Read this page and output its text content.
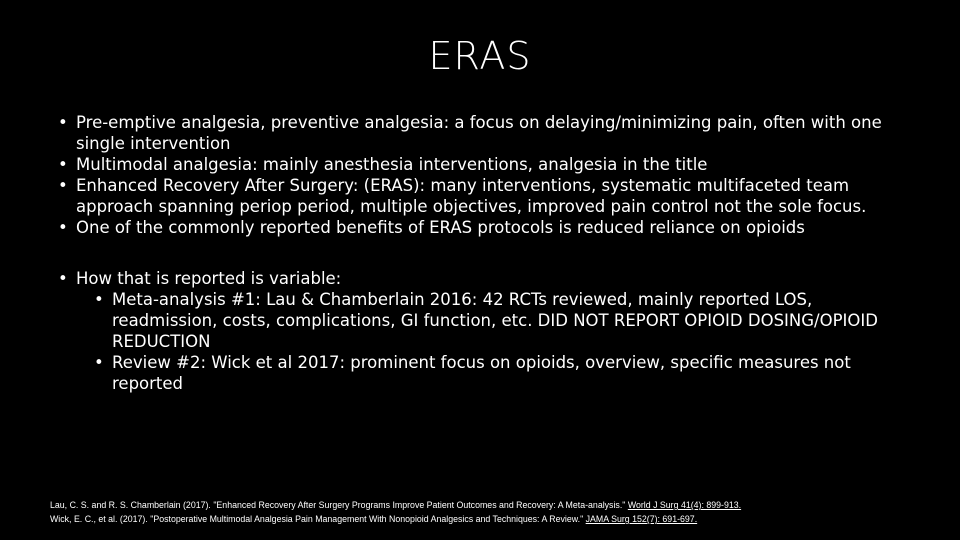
ERAS
• Pre-emptive analgesia, preventive analgesia: a focus on delaying/minimizing pain, often with one single intervention
• Multimodal analgesia: mainly anesthesia interventions, analgesia in the title
• Enhanced Recovery After Surgery: (ERAS): many interventions, systematic multifaceted team approach spanning periop period, multiple objectives, improved pain control not the sole focus.
• One of the commonly reported benefits of ERAS protocols is reduced reliance on opioids
• How that is reported is variable:
• Meta-analysis #1: Lau & Chamberlain 2016: 42 RCTs reviewed, mainly reported LOS, readmission, costs, complications, GI function, etc. DID NOT REPORT OPIOID DOSING/OPIOID REDUCTION
• Review #2: Wick et al 2017: prominent focus on opioids, overview, specific measures not reported
Lau, C. S. and R. S. Chamberlain (2017). "Enhanced Recovery After Surgery Programs Improve Patient Outcomes and Recovery: A Meta-analysis." World J Surg 41(4): 899-913.
Wick, E. C., et al. (2017). "Postoperative Multimodal Analgesia Pain Management With Nonopioid Analgesics and Techniques: A Review." JAMA Surg 152(7): 691-697.
